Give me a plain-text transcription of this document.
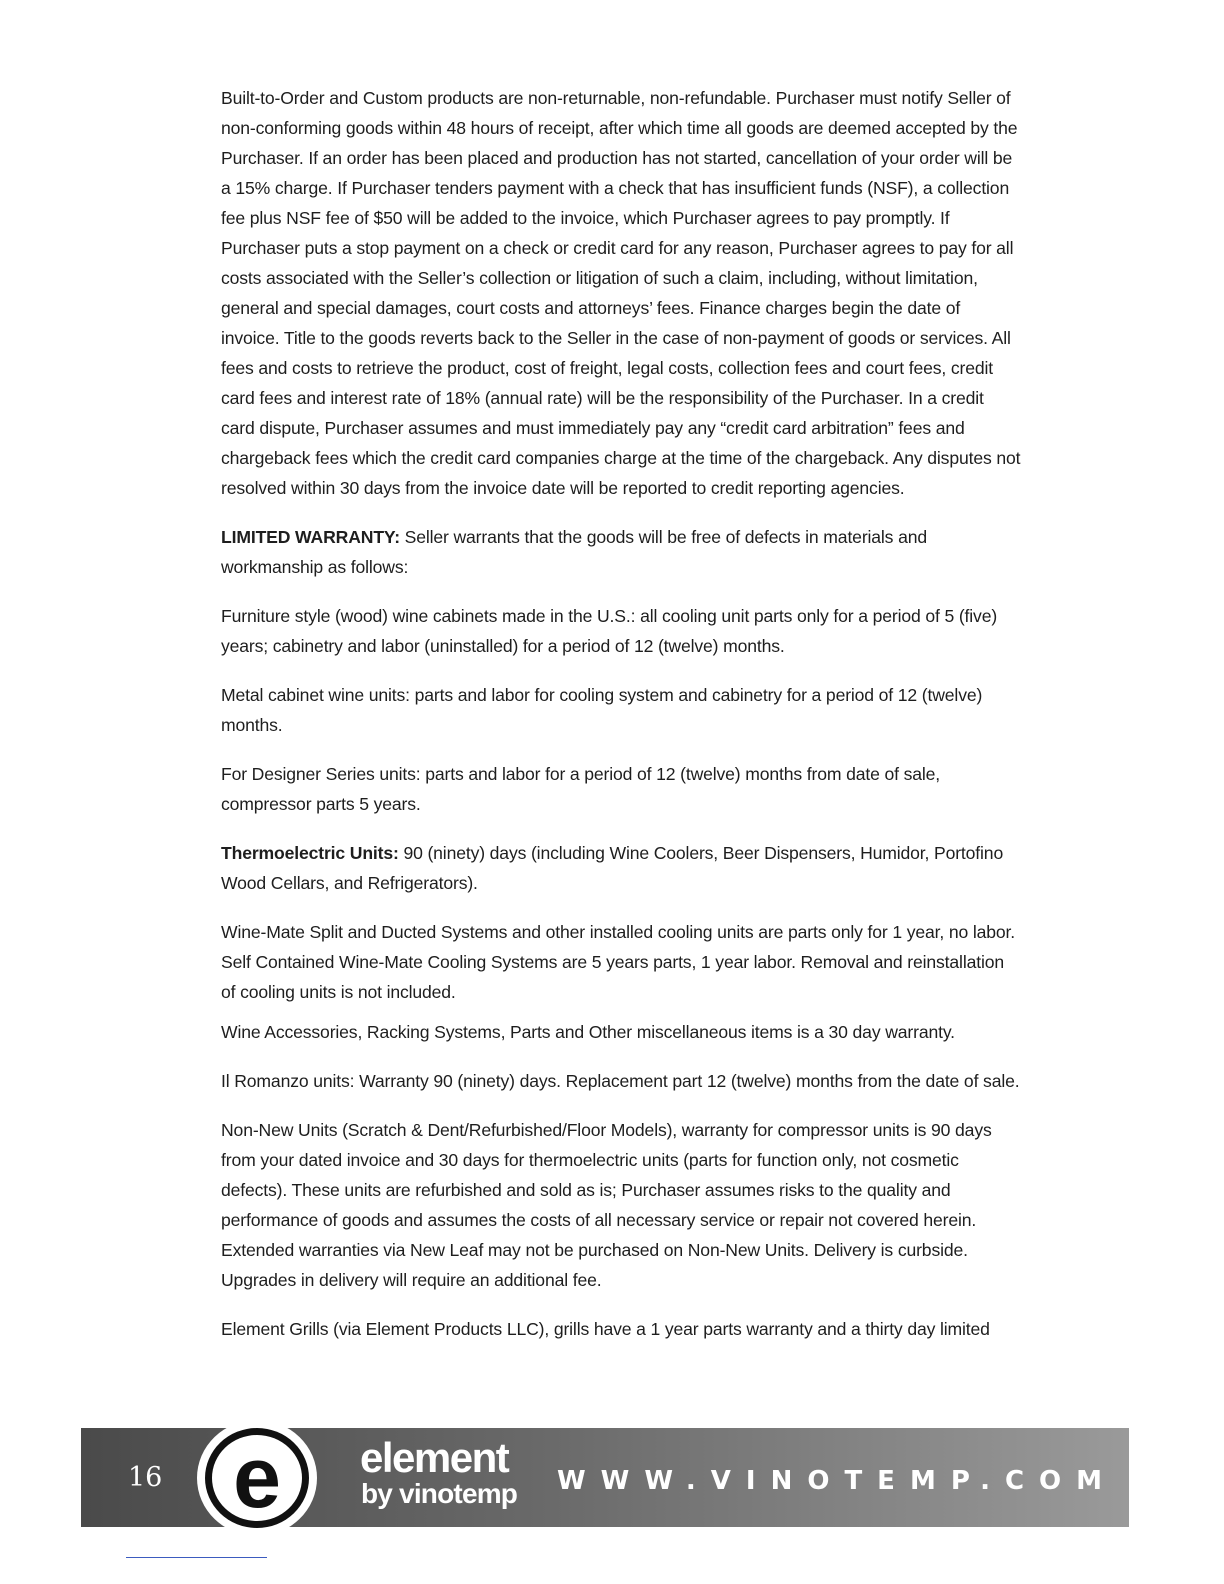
Built-to-Order and Custom products are non-returnable, non-refundable. Purchaser must notify Seller of non-conforming goods within 48 hours of receipt, after which time all goods are deemed accepted by the Purchaser. If an order has been placed and production has not started, cancellation of your order will be a 15% charge. If Purchaser tenders payment with a check that has insufficient funds (NSF), a collection fee plus NSF fee of $50 will be added to the invoice, which Purchaser agrees to pay promptly. If Purchaser puts a stop payment on a check or credit card for any reason, Purchaser agrees to pay for all costs associated with the Seller’s collection or litigation of such a claim, including, without limitation, general and special damages, court costs and attorneys’ fees. Finance charges begin the date of invoice. Title to the goods reverts back to the Seller in the case of non-payment of goods or services. All fees and costs to retrieve the product, cost of freight, legal costs, collection fees and court fees, credit card fees and interest rate of 18% (annual rate) will be the responsibility of the Purchaser. In a credit card dispute, Purchaser assumes and must immediately pay any “credit card arbitration” fees and chargeback fees which the credit card companies charge at the time of the chargeback. Any disputes not resolved within 30 days from the invoice date will be reported to credit reporting agencies.

LIMITED WARRANTY: Seller warrants that the goods will be free of defects in materials and workmanship as follows:

Furniture style (wood) wine cabinets made in the U.S.: all cooling unit parts only for a period of 5 (five) years; cabinetry and labor (uninstalled) for a period of 12 (twelve) months.

Metal cabinet wine units: parts and labor for cooling system and cabinetry for a period of 12 (twelve) months.

For Designer Series units: parts and labor for a period of 12 (twelve) months from date of sale, compressor parts 5 years.

Thermoelectric Units: 90 (ninety) days (including Wine Coolers, Beer Dispensers, Humidor, Portofino Wood Cellars, and Refrigerators).

Wine-Mate Split and Ducted Systems and other installed cooling units are parts only for 1 year, no labor. Self Contained Wine-Mate Cooling Systems are 5 years parts, 1 year labor. Removal and reinstallation of cooling units is not included.

Wine Accessories, Racking Systems, Parts and Other miscellaneous items is a 30 day warranty.

Il Romanzo units: Warranty 90 (ninety) days. Replacement part 12 (twelve) months from the date of sale.

Non-New Units (Scratch & Dent/Refurbished/Floor Models), warranty for compressor units is 90 days from your dated invoice and 30 days for thermoelectric units (parts for function only, not cosmetic defects). These units are refurbished and sold as is; Purchaser assumes risks to the quality and performance of goods and assumes the costs of all necessary service or repair not covered herein. Extended warranties via New Leaf may not be purchased on Non-New Units. Delivery is curbside. Upgrades in delivery will require an additional fee.

Element Grills (via Element Products LLC), grills have a 1 year parts warranty and a thirty day limited

16 e element
by vinotemp WWW.VINOTEMP.COM
